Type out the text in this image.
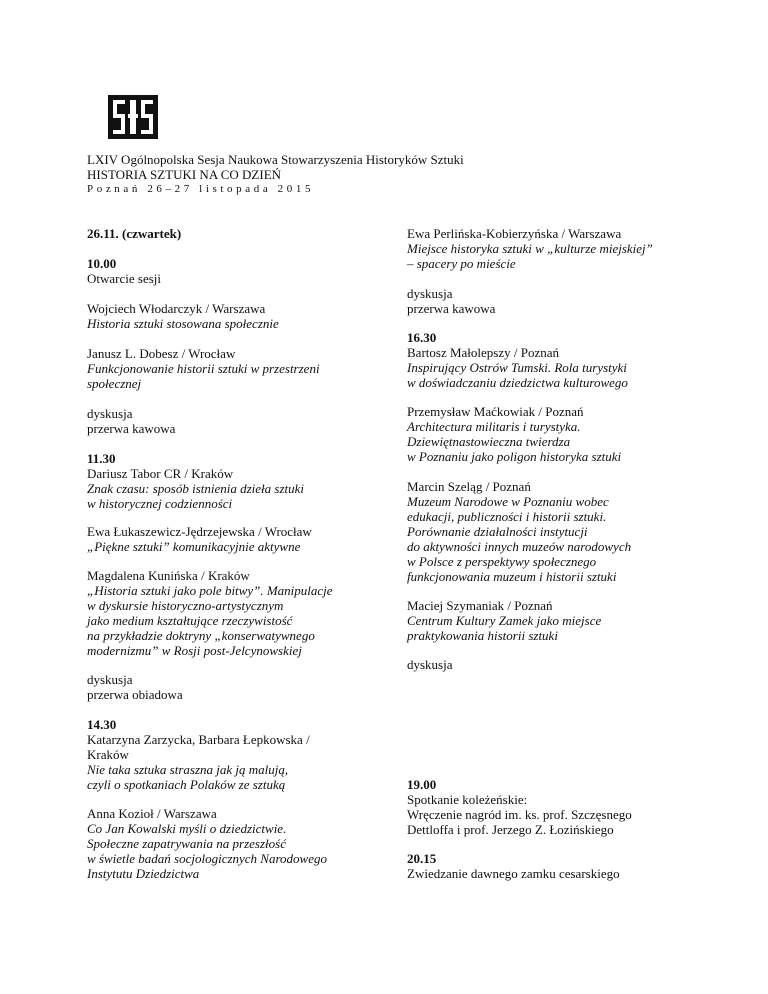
LXIV Ogólnopolska Sesja Naukowa Stowarzyszenia Historyków Sztuki
HISTORIA SZTUKI NA CO DZIEŃ
Poznań 26–27 listopada 2015
26.11. (czwartek)
10.00
Otwarcie sesji
Wojciech Włodarczyk / Warszawa
Historia sztuki stosowana społecznie
Janusz L. Dobesz / Wrocław
Funkcjonowanie historii sztuki w przestrzeni
społecznej
dyskusja
przerwa kawowa
11.30
Dariusz Tabor CR / Kraków
Znak czasu: sposób istnienia dzieła sztuki
w historycznej codzienności
Ewa Łukaszewicz-Jędrzejewska / Wrocław
„Piękne sztuki” komunikacyjnie aktywne
Magdalena Kunińska / Kraków
„Historia sztuki jako pole bitwy”. Manipulacje
w dyskursie historyczno-artystycznym
jako medium kształtujące rzeczywistość
na przykładzie doktryny „konserwatywnego
modernizmu” w Rosji post-Jelcynowskiej
dyskusja
przerwa obiadowa
14.30
Katarzyna Zarzycka, Barbara Łepkowska /
Kraków
Nie taka sztuka straszna jak ją malują,
czyli o spotkaniach Polaków ze sztuką
Anna Kozioł / Warszawa
Co Jan Kowalski myśli o dziedzictwie.
Społeczne zapatrywania na przeszłość
w świetle badań socjologicznych Narodowego
Instytutu Dziedzictwa
Ewa Perlińska-Kobierzyńska / Warszawa
Miejsce historyka sztuki w „kulturze miejskiej”
– spacery po mieście
dyskusja
przerwa kawowa
16.30
Bartosz Małolepszy / Poznań
Inspirujący Ostrów Tumski. Rola turystyki
w doświadczaniu dziedzictwa kulturowego
Przemysław Maćkowiak / Poznań
Architectura militaris i turystyka.
Dziewiętnastowieczna twierdza
w Poznaniu jako poligon historyka sztuki
Marcin Szeląg / Poznań
Muzeum Narodowe w Poznaniu wobec
edukacji, publiczności i historii sztuki.
Porównanie działalności instytucji
do aktywności innych muzeów narodowych
w Polsce z perspektywy społecznego
funkcjonowania muzeum i historii sztuki
Maciej Szymaniak / Poznań
Centrum Kultury Zamek jako miejsce
praktykowania historii sztuki
dyskusja
19.00
Spotkanie koleżeńskie:
Wręczenie nagród im. ks. prof. Szczęsnego
Dettloffa i prof. Jerzego Z. Łozińskiego
20.15
Zwiedzanie dawnego zamku cesarskiego
